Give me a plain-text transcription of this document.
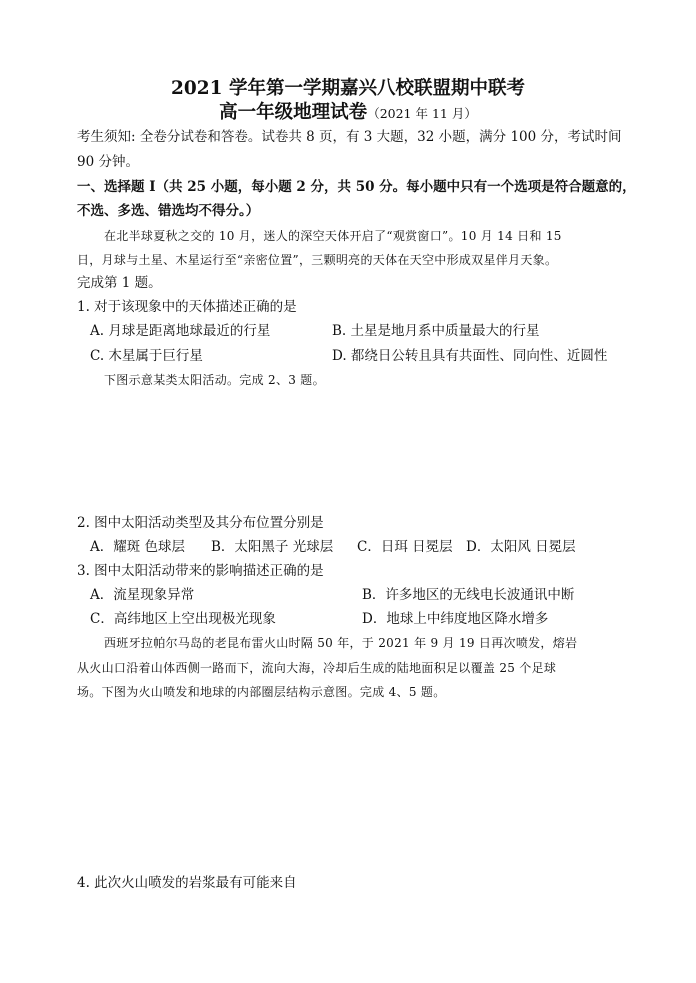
2021 学年第一学期嘉兴八校联盟期中联考
高一年级地理试卷（2021 年 11 月）
考生须知: 全卷分试卷和答卷。试卷共 8 页，有 3 大题，32 小题，满分 100 分，考试时间
90 分钟。
一、选择题 I（共 25 小题，每小题 2 分，共 50 分。每小题中只有一个选项是符合题意的，
不选、多选、错选均不得分。）
在北半球夏秋之交的 10 月，迷人的深空天体开启了“观赏窗口”。10 月 14 日和 15
日，月球与土星、木星运行至“亲密位置”，三颗明亮的天体在天空中形成双星伴月天象。
完成第 1 题。
1. 对于该现象中的天体描述正确的是
A. 月球是距离地球最近的行星	B. 土星是地月系中质量最大的行星
C. 木星属于巨行星	D. 都绕日公转且具有共面性、同向性、近圆性
下图示意某类太阳活动。完成 2、3 题。
2. 图中太阳活动类型及其分布位置分别是
A．耀斑 色球层 B．太阳黑子 光球层 C．日珥 日冕层 D．太阳风 日冕层
3. 图中太阳活动带来的影响描述正确的是
A．流星现象异常	B．许多地区的无线电长波通讯中断
C．高纬地区上空出现极光现象	D．地球上中纬度地区降水增多
西班牙拉帕尔马岛的老昆布雷火山时隔 50 年，于 2021 年 9 月 19 日再次喷发，熔岩
从火山口沿着山体西侧一路而下，流向大海，冷却后生成的陆地面积足以覆盖 25 个足球
场。下图为火山喷发和地球的内部圈层结构示意图。完成 4、5 题。
4. 此次火山喷发的岩浆最有可能来自
